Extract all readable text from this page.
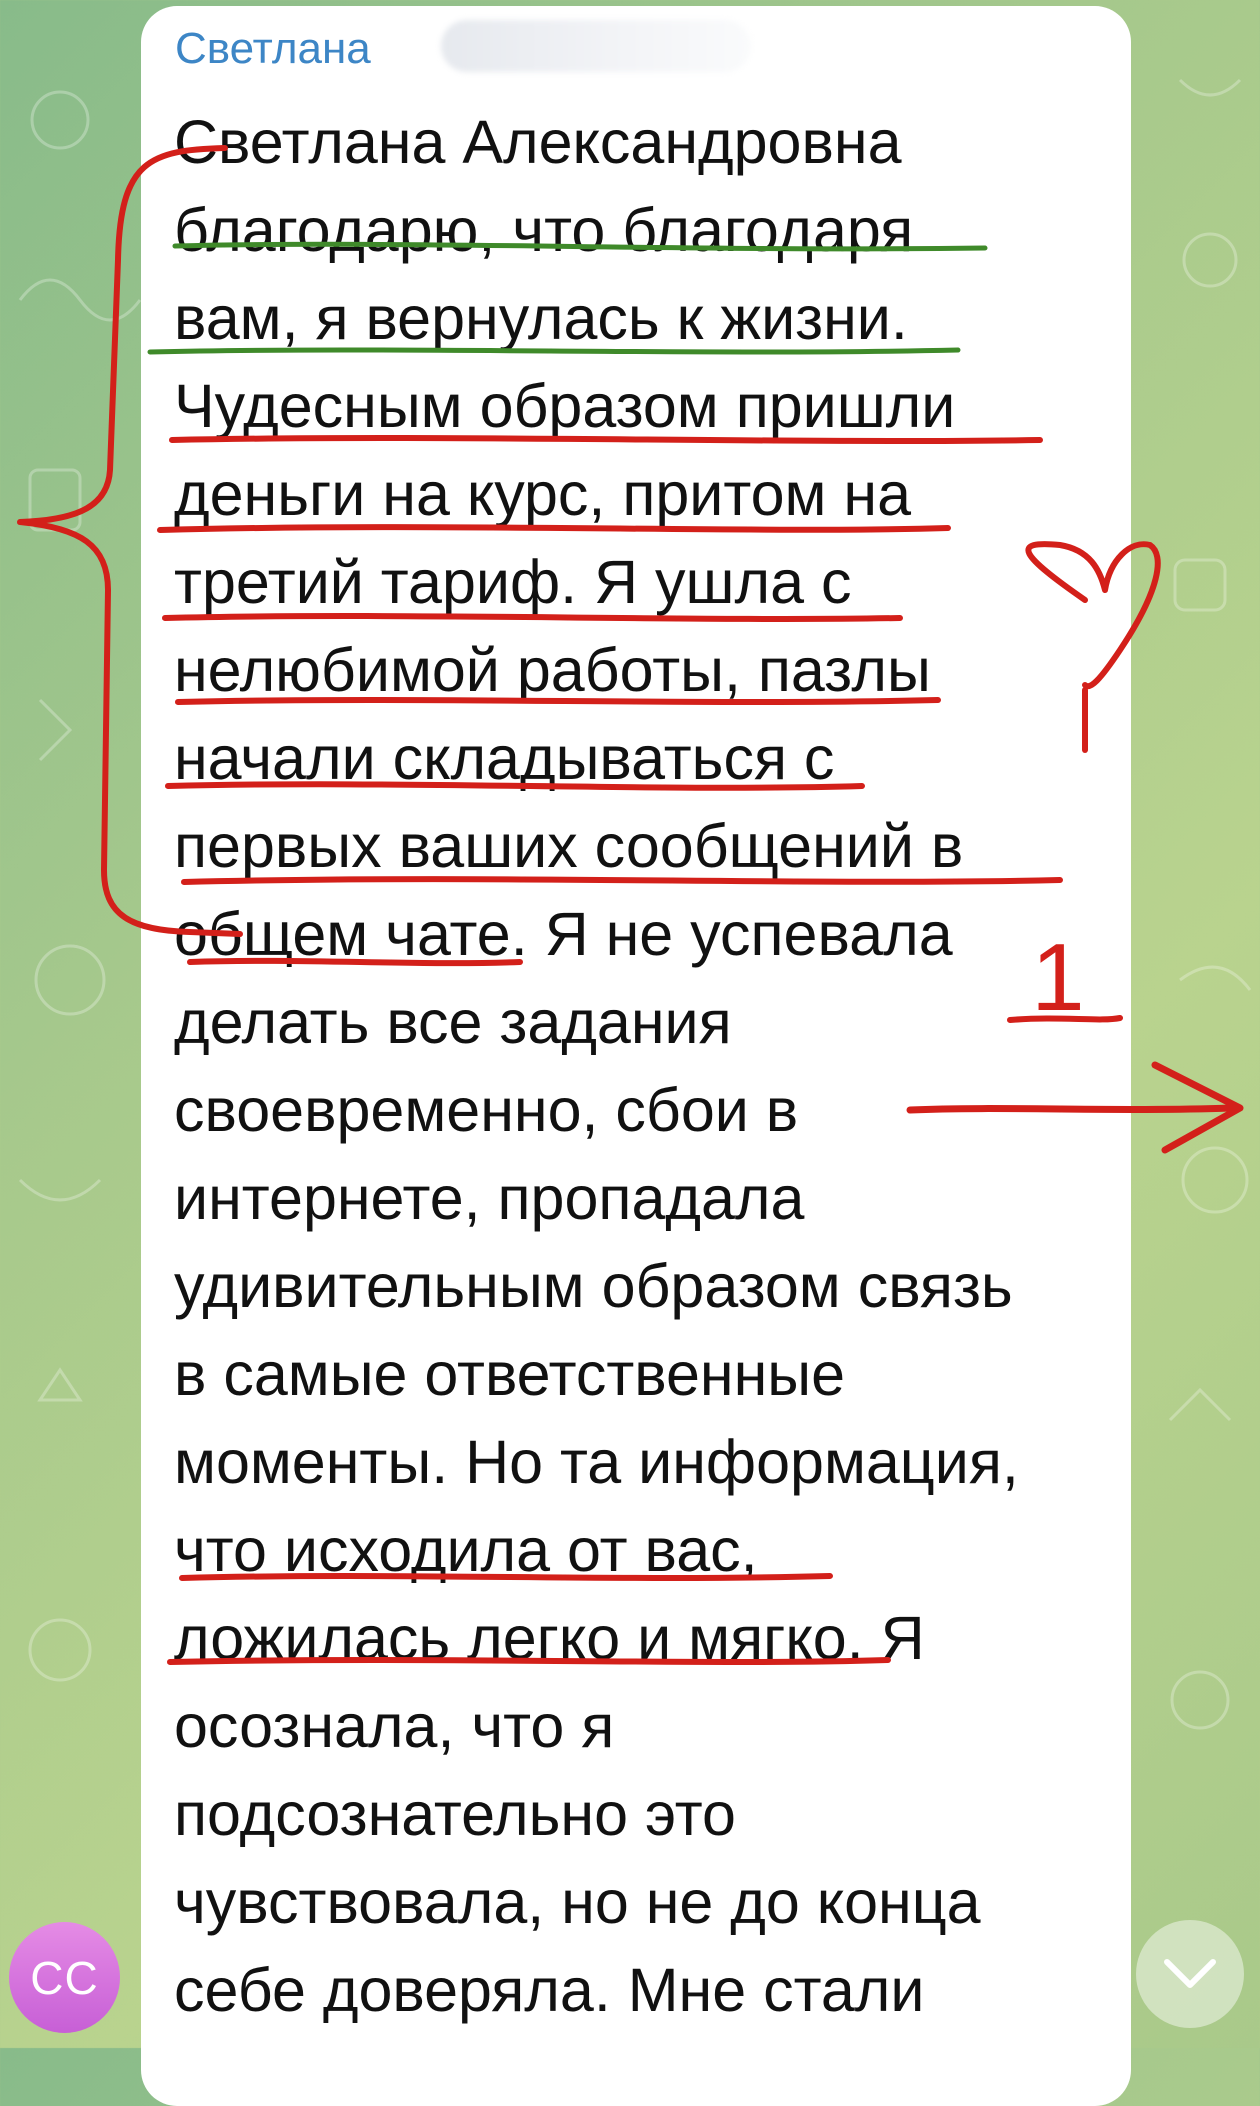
Светлана
Светлана Александровна
благодарю, что благодаря
вам, я вернулась к жизни.
Чудесным образом пришли
деньги на курс, притом на
третий тариф. Я ушла с
нелюбимой работы, пазлы
начали складываться с
первых ваших сообщений в
общем чате. Я не успевала
делать все задания
своевременно, сбои в
интернете, пропадала
удивительным образом связь
в самые ответственные
моменты. Но та информация,
что исходила от вас,
ложилась легко и мягко. Я
осознала, что я
подсознательно это
чувствовала, но не до конца
себе доверяла. Мне стали
1
CC
